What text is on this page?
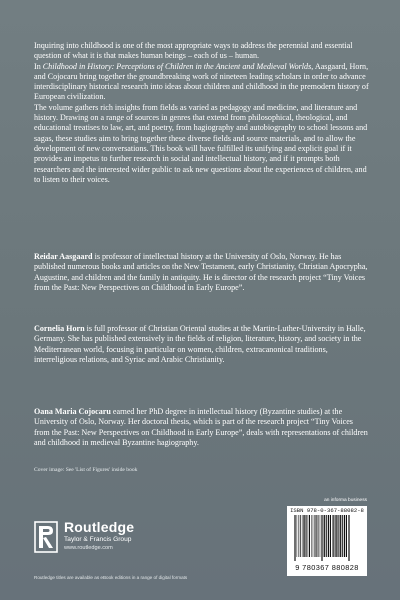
Inquiring into childhood is one of the most appropriate ways to address the perennial and essential question of what it is that makes human beings – each of us – human.

In Childhood in History: Perceptions of Children in the Ancient and Medieval Worlds, Aasgaard, Horn, and Cojocaru bring together the groundbreaking work of nineteen leading scholars in order to advance interdisciplinary historical research into ideas about children and childhood in the premodern history of European civilization.

The volume gathers rich insights from fields as varied as pedagogy and medicine, and literature and history. Drawing on a range of sources in genres that extend from philosophical, theological, and educational treatises to law, art, and poetry, from hagiography and autobiography to school lessons and sagas, these studies aim to bring together these diverse fields and source materials, and to allow the development of new conversations. This book will have fulfilled its unifying and explicit goal if it provides an impetus to further research in social and intellectual history, and if it prompts both researchers and the interested wider public to ask new questions about the experiences of children, and to listen to their voices.

Reidar Aasgaard is professor of intellectual history at the University of Oslo, Norway. He has published numerous books and articles on the New Testament, early Christianity, Christian Apocrypha, Augustine, and children and the family in antiquity. He is director of the research project “Tiny Voices from the Past: New Perspectives on Childhood in Early Europe”.

Cornelia Horn is full professor of Christian Oriental studies at the Martin-Luther-University in Halle, Germany. She has published extensively in the fields of religion, literature, history, and society in the Mediterranean world, focusing in particular on women, children, extracanonical traditions, interreligious relations, and Syriac and Arabic Christianity.

Oana Maria Cojocaru earned her PhD degree in intellectual history (Byzantine studies) at the University of Oslo, Norway. Her doctoral thesis, which is part of the research project “Tiny Voices from the Past: New Perspectives on Childhood in Early Europe”, deals with representations of children and childhood in medieval Byzantine hagiography.

Cover image: See 'List of Figures' inside book
Routledge
Taylor & Francis Group
www.routledge.com
Routledge titles are available as eBook editions in a range of digital formats
an informa business
ISBN 978-0-367-88082-8
9 780367 880828
